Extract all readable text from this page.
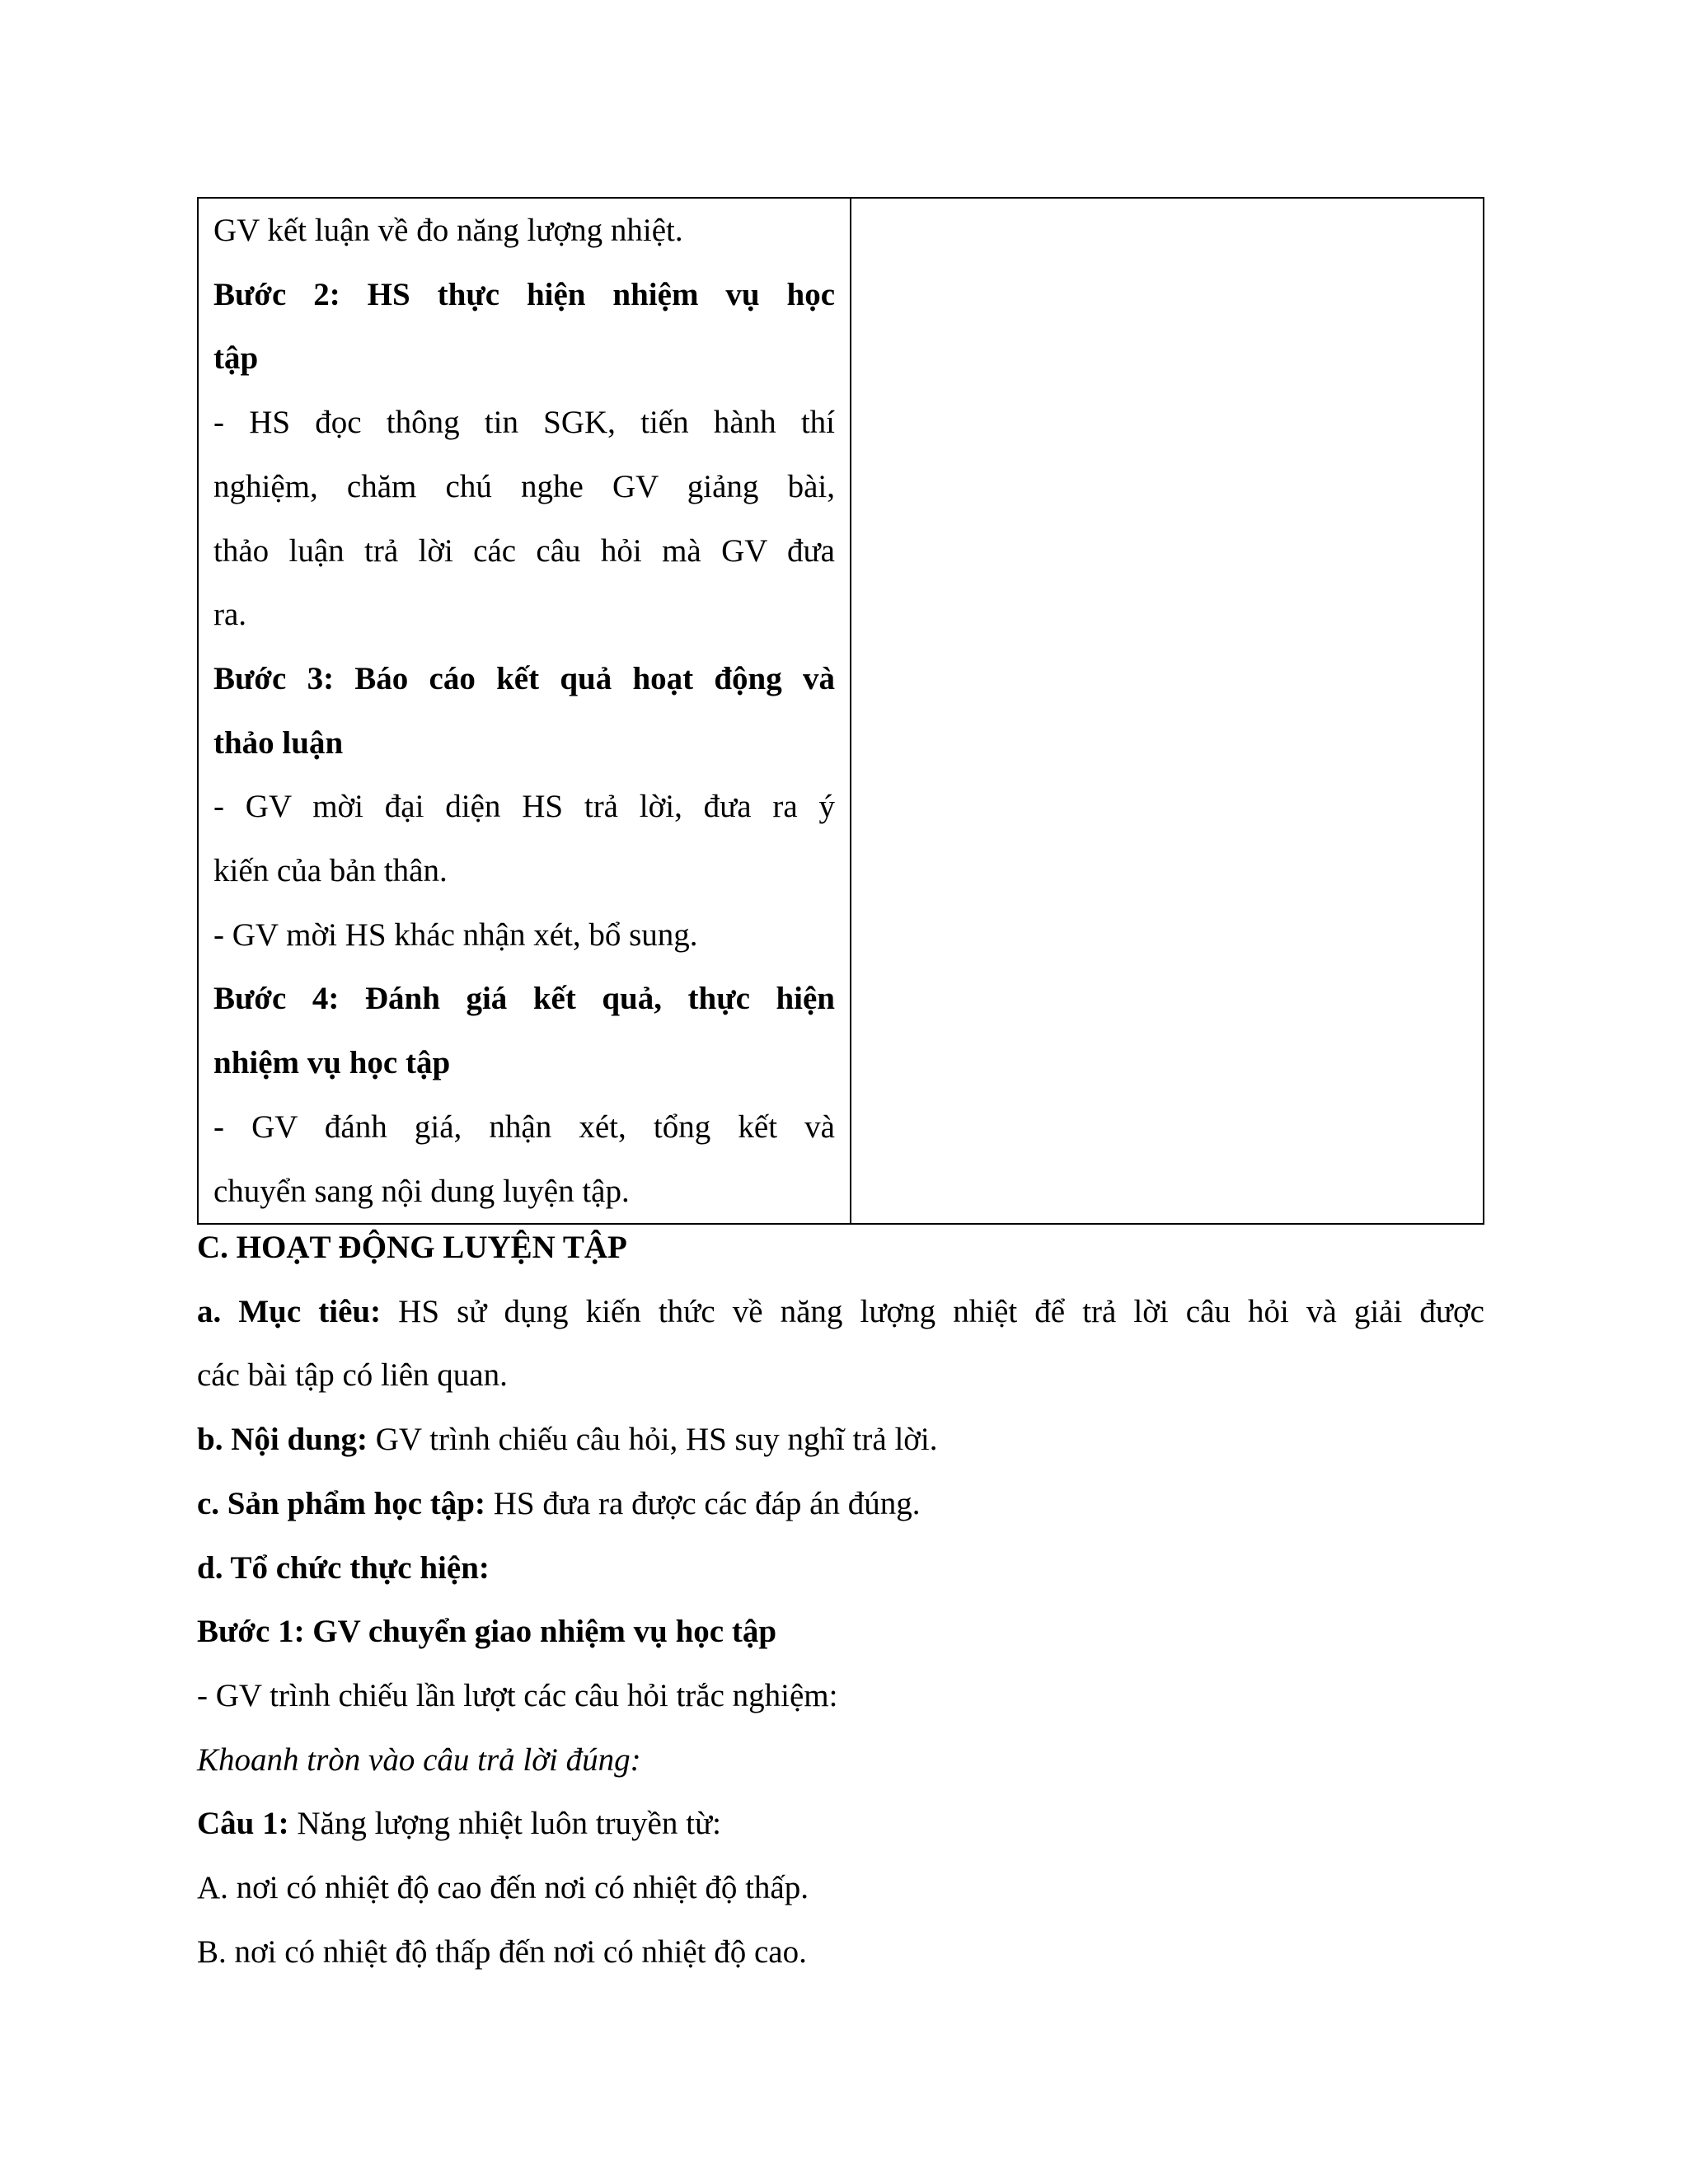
GV kết luận về đo năng lượng nhiệt.

Bước 2: HS thực hiện nhiệm vụ học

tập

- HS đọc thông tin SGK, tiến hành thí

nghiệm, chăm chú nghe GV giảng bài,

thảo luận trả lời các câu hỏi mà GV đưa

ra.

Bước 3: Báo cáo kết quả hoạt động và

thảo luận

- GV mời đại diện HS trả lời, đưa ra ý

kiến của bản thân.

- GV mời HS khác nhận xét, bổ sung.

Bước 4: Đánh giá kết quả, thực hiện

nhiệm vụ học tập

- GV đánh giá, nhận xét, tổng kết và

chuyển sang nội dung luyện tập.

C. HOẠT ĐỘNG LUYỆN TẬP

a. Mục tiêu: HS sử dụng kiến thức về năng lượng nhiệt để trả lời câu hỏi và giải được

các bài tập có liên quan.

b. Nội dung: GV trình chiếu câu hỏi, HS suy nghĩ trả lời.

c. Sản phẩm học tập: HS đưa ra được các đáp án đúng.

d. Tổ chức thực hiện:

Bước 1: GV chuyển giao nhiệm vụ học tập

- GV trình chiếu lần lượt các câu hỏi trắc nghiệm:

Khoanh tròn vào câu trả lời đúng:

Câu 1: Năng lượng nhiệt luôn truyền từ:

A. nơi có nhiệt độ cao đến nơi có nhiệt độ thấp.

B. nơi có nhiệt độ thấp đến nơi có nhiệt độ cao.
